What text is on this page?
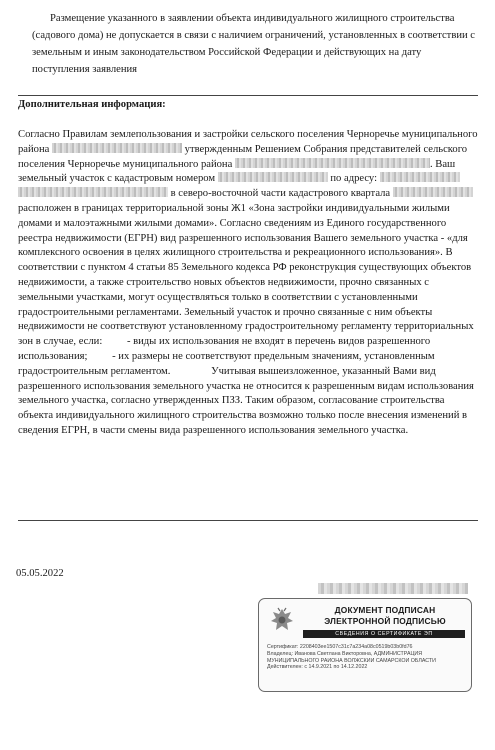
Размещение указанного в заявлении объекта индивидуального жилищного строительства (садового дома) не допускается в связи с наличием ограничений, установленных в соответствии с земельным и иным законодательством Российской Федерации и действующих на дату поступления заявления

Дополнительная информация:

Согласно Правилам землепользования и застройки сельского поселения Черноречье муниципального района	утвержденным Решением Собрания представителей сельского поселения Черноречье муниципального района	. Ваш земельный участок с кадастровым номером	по адресу:   в северо-восточной части кадастрового квартала  расположен в границах территориальной зоны Ж1 «Зона застройки индивидуальными жилыми домами и малоэтажными жилыми домами». Согласно сведениям из Единого государственного реестра недвижимости (ЕГРН) вид разрешенного использования Вашего земельного участка - «для комплексного освоения в целях жилищного строительства и рекреационного использования». В соответствии с пунктом 4 статьи 85 Земельного кодекса РФ реконструкция существующих объектов недвижимости, а также строительство новых объектов недвижимости, прочно связанных с земельными участками, могут осуществляться только в соответствии с установленными градостроительными регламентами. Земельный участок и прочно связанные с ним объекты недвижимости не соответствуют установленному градостроительному регламенту территориальных зон в случае, если: - виды их использования не входят в перечень видов разрешенного использования; - их размеры не соответствуют предельным значениям, установленным градостроительным регламентом.	Учитывая вышеизложенное, указанный Вами вид разрешенного использования земельного участка не относится к разрешенным видам использования земельного участка, согласно утвержденных ПЗЗ. Таким образом, согласование строительства объекта индивидуального жилищного строительства возможно только после внесения изменений в сведения ЕГРН, в части смены вида разрешенного использования земельного участка.

05.05.2022

ДОКУМЕНТ ПОДПИСАН
ЭЛЕКТРОННОЙ ПОДПИСЬЮ
СВЕДЕНИЯ О СЕРТИФИКАТЕ ЭП
Сертификат: 2208403ee1507c31c7a234a08c0519b03b0fd76
Владелец: Иванова Светлана Викторовна, АДМИНИСТРАЦИЯ
МУНИЦИПАЛЬНОГО РАЙОНА ВОЛЖСКИЙ САМАРСКОЙ ОБЛАСТИ
Действителен: с 14.9.2021 по 14.12.2022
